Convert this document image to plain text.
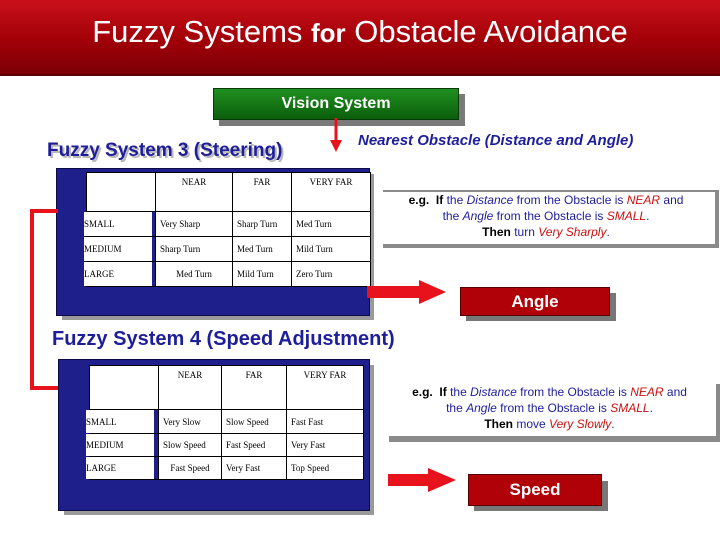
Fuzzy Systems for Obstacle Avoidance
Vision System
Nearest Obstacle (Distance and Angle)
Fuzzy System 3 (Steering)
	NEAR	FAR	VERY FAR
SMALL	Very Sharp	Sharp Turn	Med Turn
MEDIUM	Sharp Turn	Med Turn	Mild Turn
LARGE	Med Turn	Mild Turn	Zero Turn
e.g. If the Distance from the Obstacle is NEAR and
the Angle from the Obstacle is SMALL.
Then turn Very Sharply.
Angle
Fuzzy System 4 (Speed Adjustment)
	NEAR	FAR	VERY FAR
SMALL	Very Slow	Slow Speed	Fast Fast
MEDIUM	Slow Speed	Fast Speed	Very Fast
LARGE	Fast Speed	Very Fast	Top Speed
e.g. If the Distance from the Obstacle is NEAR and
the Angle from the Obstacle is SMALL.
Then move Very Slowly.
Speed
